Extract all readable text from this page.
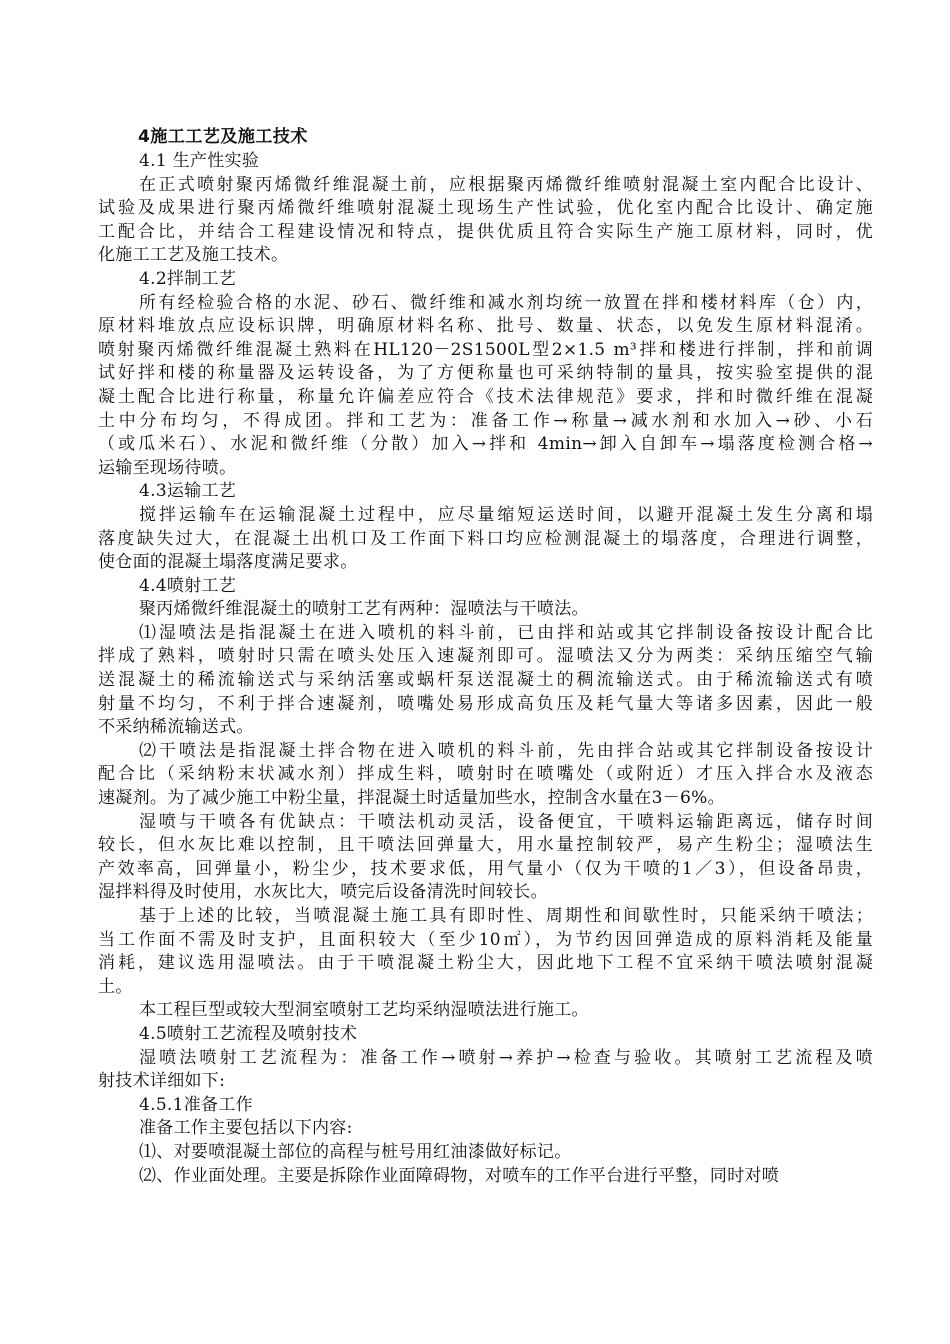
4施工工艺及施工技术
4.1 生产性实验
在正式喷射聚丙烯微纤维混凝土前，应根据聚丙烯微纤维喷射混凝土室内配合比设计、
试验及成果进行聚丙烯微纤维喷射混凝土现场生产性试验，优化室内配合比设计、确定施
工配合比，并结合工程建设情况和特点，提供优质且符合实际生产施工原材料，同时，优
化施工工艺及施工技术。
4.2拌制工艺
所有经检验合格的水泥、砂石、微纤维和减水剂均统一放置在拌和楼材料库（仓）内，
原材料堆放点应设标识牌，明确原材料名称、批号、数量、状态，以免发生原材料混淆。
喷射聚丙烯微纤维混凝土熟料在HL120－2S1500L型2×1.5 m³拌和楼进行拌制，拌和前调
试好拌和楼的称量器及运转设备，为了方便称量也可采纳特制的量具，按实验室提供的混
凝土配合比进行称量，称量允许偏差应符合《技术法律规范》要求，拌和时微纤维在混凝
土中分布均匀，不得成团。拌和工艺为：准备工作→称量→减水剂和水加入→砂、小石
（或瓜米石）、水泥和微纤维（分散）加入→拌和 4min→卸入自卸车→塌落度检测合格→
运输至现场待喷。
4.3运输工艺
搅拌运输车在运输混凝土过程中，应尽量缩短运送时间，以避开混凝土发生分离和塌
落度缺失过大，在混凝土出机口及工作面下料口均应检测混凝土的塌落度，合理进行调整，
使仓面的混凝土塌落度满足要求。
4.4喷射工艺
聚丙烯微纤维混凝土的喷射工艺有两种：湿喷法与干喷法。
⑴湿喷法是指混凝土在进入喷机的料斗前，已由拌和站或其它拌制设备按设计配合比
拌成了熟料，喷射时只需在喷头处压入速凝剂即可。湿喷法又分为两类：采纳压缩空气输
送混凝土的稀流输送式与采纳活塞或蜗杆泵送混凝土的稠流输送式。由于稀流输送式有喷
射量不均匀，不利于拌合速凝剂，喷嘴处易形成高负压及耗气量大等诸多因素，因此一般
不采纳稀流输送式。
⑵干喷法是指混凝土拌合物在进入喷机的料斗前，先由拌合站或其它拌制设备按设计
配合比（采纳粉末状减水剂）拌成生料，喷射时在喷嘴处（或附近）才压入拌合水及液态
速凝剂。为了减少施工中粉尘量，拌混凝土时适量加些水，控制含水量在3－6%。
湿喷与干喷各有优缺点：干喷法机动灵活，设备便宜，干喷料运输距离远，储存时间
较长，但水灰比难以控制，且干喷法回弹量大，用水量控制较严，易产生粉尘；湿喷法生
产效率高，回弹量小，粉尘少，技术要求低，用气量小（仅为干喷的1／3），但设备昂贵，
湿拌料得及时使用，水灰比大，喷完后设备清洗时间较长。
基于上述的比较，当喷混凝土施工具有即时性、周期性和间歇性时，只能采纳干喷法；
当工作面不需及时支护，且面积较大（至少10㎡），为节约因回弹造成的原料消耗及能量
消耗，建议选用湿喷法。由于干喷混凝土粉尘大，因此地下工程不宜采纳干喷法喷射混凝
土。
本工程巨型或较大型洞室喷射工艺均采纳湿喷法进行施工。
4.5喷射工艺流程及喷射技术
湿喷法喷射工艺流程为：准备工作→喷射→养护→检查与验收。其喷射工艺流程及喷
射技术详细如下:
4.5.1准备工作
准备工作主要包括以下内容:
⑴、对要喷混凝土部位的高程与桩号用红油漆做好标记。
⑵、作业面处理。主要是拆除作业面障碍物，对喷车的工作平台进行平整，同时对喷
